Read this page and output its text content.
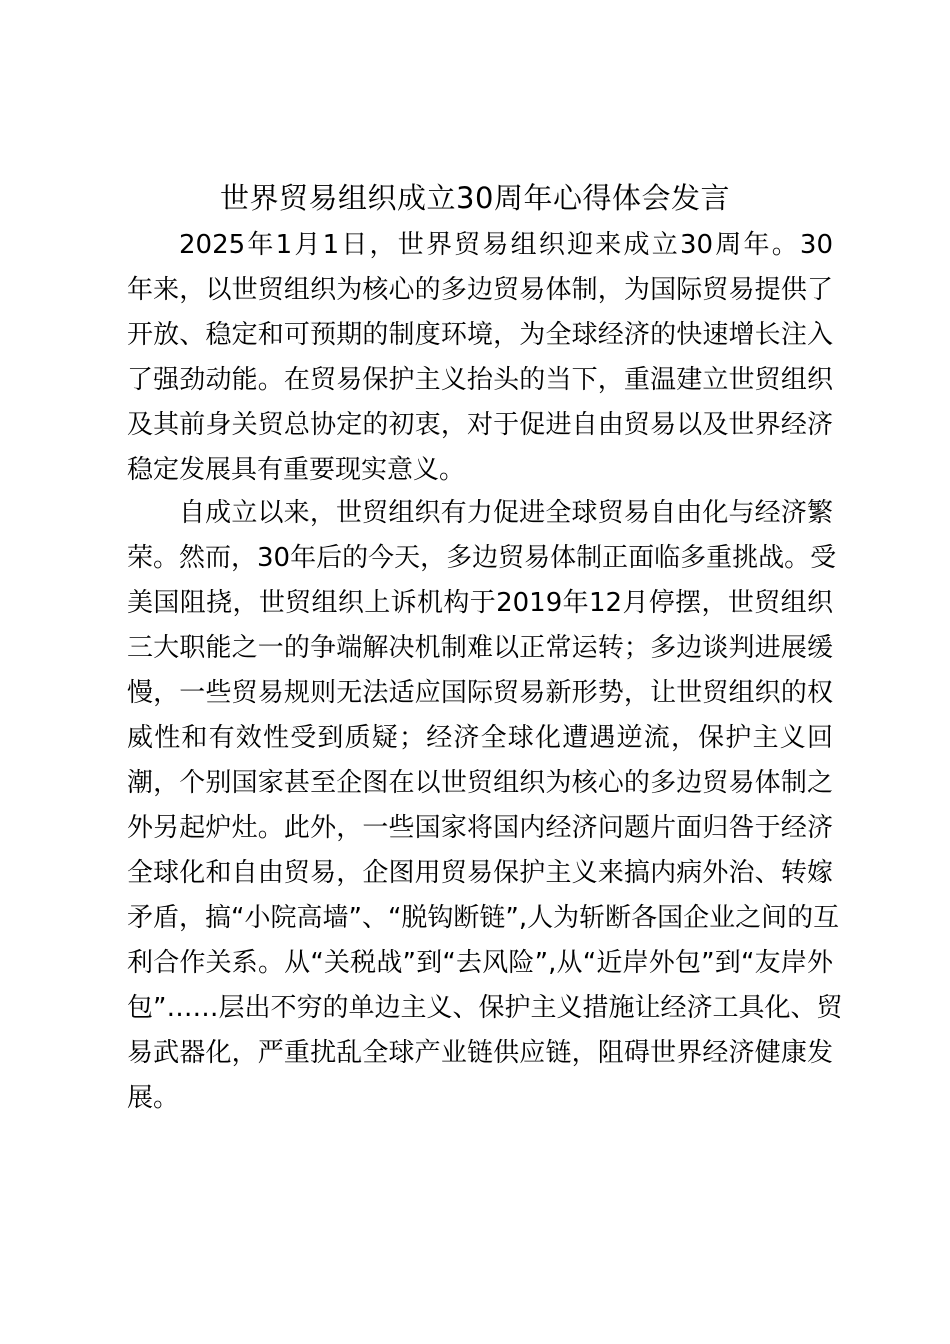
世界贸易组织成立30周年心得体会发言

2025年1月1日，世界贸易组织迎来成立30周年。30
年来，以世贸组织为核心的多边贸易体制，为国际贸易提供了
开放、稳定和可预期的制度环境，为全球经济的快速增长注入
了强劲动能。在贸易保护主义抬头的当下，重温建立世贸组织
及其前身关贸总协定的初衷，对于促进自由贸易以及世界经济
稳定发展具有重要现实意义。

自成立以来，世贸组织有力促进全球贸易自由化与经济繁
荣。然而，30年后的今天，多边贸易体制正面临多重挑战。受
美国阻挠，世贸组织上诉机构于2019年12月停摆，世贸组织
三大职能之一的争端解决机制难以正常运转；多边谈判进展缓
慢，一些贸易规则无法适应国际贸易新形势，让世贸组织的权
威性和有效性受到质疑；经济全球化遭遇逆流，保护主义回
潮，个别国家甚至企图在以世贸组织为核心的多边贸易体制之
外另起炉灶。此外，一些国家将国内经济问题片面归咎于经济
全球化和自由贸易，企图用贸易保护主义来搞内病外治、转嫁
矛盾，搞“小院高墙”、“脱钩断链”,人为斩断各国企业之间的互
利合作关系。从“关税战”到“去风险”,从“近岸外包”到“友岸外
包”……层出不穷的单边主义、保护主义措施让经济工具化、贸
易武器化，严重扰乱全球产业链供应链，阻碍世界经济健康发
展。
